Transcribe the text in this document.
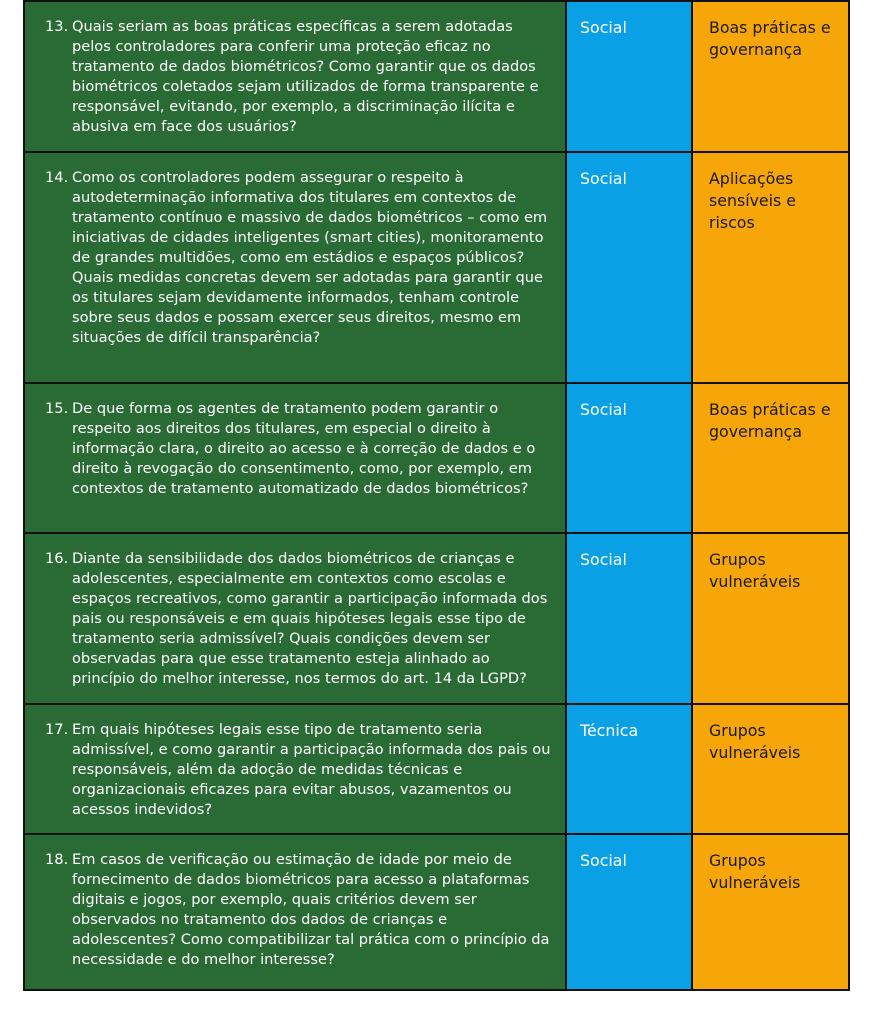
13. Quais seriam as boas práticas específicas a serem adotadas pelos controladores para conferir uma proteção eficaz no tratamento de dados biométricos? Como garantir que os dados biométricos coletados sejam utilizados de forma transparente e responsável, evitando, por exemplo, a discriminação ilícita e abusiva em face dos usuários?	Social	Boas práticas e governança

14. Como os controladores podem assegurar o respeito à autodeterminação informativa dos titulares em contextos de tratamento contínuo e massivo de dados biométricos – como em iniciativas de cidades inteligentes (smart cities), monitoramento de grandes multidões, como em estádios e espaços públicos? Quais medidas concretas devem ser adotadas para garantir que os titulares sejam devidamente informados, tenham controle sobre seus dados e possam exercer seus direitos, mesmo em situações de difícil transparência?	Social	Aplicações sensíveis e riscos

15. De que forma os agentes de tratamento podem garantir o respeito aos direitos dos titulares, em especial o direito à informação clara, o direito ao acesso e à correção de dados e o direito à revogação do consentimento, como, por exemplo, em contextos de tratamento automatizado de dados biométricos?	Social	Boas práticas e governança

16. Diante da sensibilidade dos dados biométricos de crianças e adolescentes, especialmente em contextos como escolas e espaços recreativos, como garantir a participação informada dos pais ou responsáveis e em quais hipóteses legais esse tipo de tratamento seria admissível? Quais condições devem ser observadas para que esse tratamento esteja alinhado ao princípio do melhor interesse, nos termos do art. 14 da LGPD?	Social	Grupos vulneráveis

17. Em quais hipóteses legais esse tipo de tratamento seria admissível, e como garantir a participação informada dos pais ou responsáveis, além da adoção de medidas técnicas e organizacionais eficazes para evitar abusos, vazamentos ou acessos indevidos?	Técnica	Grupos vulneráveis

18. Em casos de verificação ou estimação de idade por meio de fornecimento de dados biométricos para acesso a plataformas digitais e jogos, por exemplo, quais critérios devem ser observados no tratamento dos dados de crianças e adolescentes? Como compatibilizar tal prática com o princípio da necessidade e do melhor interesse?	Social	Grupos vulneráveis
